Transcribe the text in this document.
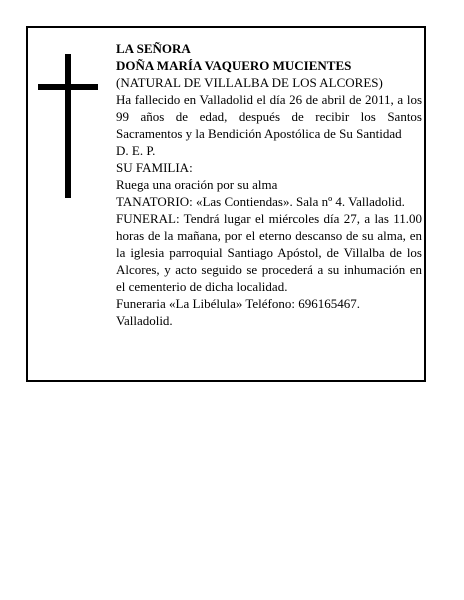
LA SEÑORA

DOÑA MARÍA VAQUERO MUCIENTES

(NATURAL DE VILLALBA DE LOS ALCORES)

Ha fallecido en Valladolid el día 26 de abril de 2011, a los 99 años de edad, después de recibir los Santos Sacramentos y la Bendición Apostólica de Su Santidad

D. E. P.

SU FAMILIA:

Ruega una oración por su alma

TANATORIO: «Las Contiendas». Sala nº 4. Valladolid.

FUNERAL: Tendrá lugar el miércoles día 27, a las 11.00 horas de la mañana, por el eterno descanso de su alma, en la iglesia parroquial Santiago Apóstol, de Villalba de los Alcores, y acto seguido se procederá a su inhumación en el cementerio de dicha localidad.

Funeraria «La Libélula» Teléfono: 696165467.

Valladolid.
